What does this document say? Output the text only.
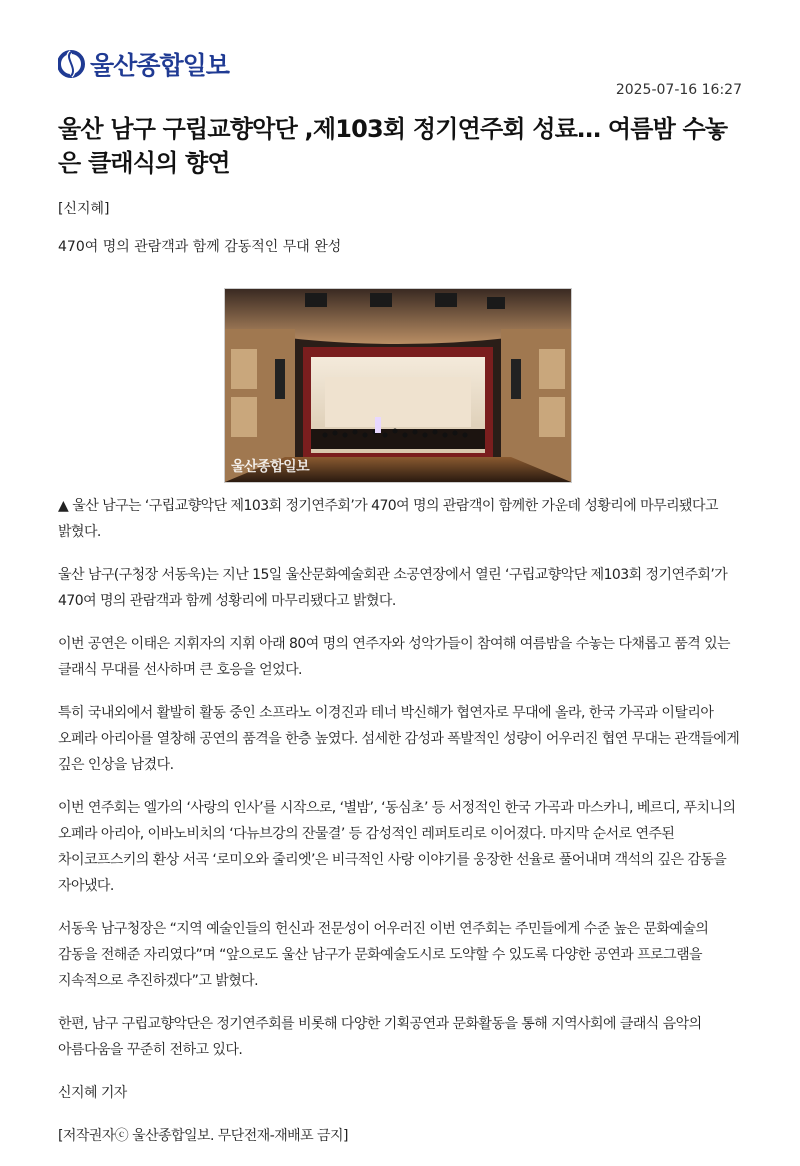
울산종합일보
2025-07-16 16:27
울산 남구 구립교향악단 ,제103회 정기연주회 성료… 여름밤 수놓은 클래식의 향연
[신지혜]
470여 명의 관람객과 함께 감동적인 무대 완성
울산종합일보

▲ 울산 남구는 ‘구립교향악단 제103회 정기연주회’가 470여 명의 관람객이 함께한 가운데 성황리에 마무리됐다고 밝혔다.

울산 남구(구청장 서동욱)는 지난 15일 울산문화예술회관 소공연장에서 열린 ‘구립교향악단 제103회 정기연주회’가 470여 명의 관람객과 함께 성황리에 마무리됐다고 밝혔다.

이번 공연은 이태은 지휘자의 지휘 아래 80여 명의 연주자와 성악가들이 참여해 여름밤을 수놓는 다채롭고 품격 있는 클래식 무대를 선사하며 큰 호응을 얻었다.

특히 국내외에서 활발히 활동 중인 소프라노 이경진과 테너 박신해가 협연자로 무대에 올라, 한국 가곡과 이탈리아 오페라 아리아를 열창해 공연의 품격을 한층 높였다. 섬세한 감성과 폭발적인 성량이 어우러진 협연 무대는 관객들에게 깊은 인상을 남겼다.

이번 연주회는 엘가의 ‘사랑의 인사’를 시작으로, ‘별밤’, ‘동심초’ 등 서정적인 한국 가곡과 마스카니, 베르디, 푸치니의 오페라 아리아, 이바노비치의 ‘다뉴브강의 잔물결’ 등 감성적인 레퍼토리로 이어졌다. 마지막 순서로 연주된 차이코프스키의 환상 서곡 ‘로미오와 줄리엣’은 비극적인 사랑 이야기를 웅장한 선율로 풀어내며 객석의 깊은 감동을 자아냈다.

서동욱 남구청장은 “지역 예술인들의 헌신과 전문성이 어우러진 이번 연주회는 주민들에게 수준 높은 문화예술의 감동을 전해준 자리였다”며 “앞으로도 울산 남구가 문화예술도시로 도약할 수 있도록 다양한 공연과 프로그램을 지속적으로 추진하겠다”고 밝혔다.

한편, 남구 구립교향악단은 정기연주회를 비롯해 다양한 기획공연과 문화활동을 통해 지역사회에 클래식 음악의 아름다움을 꾸준히 전하고 있다.

신지혜 기자

[저작권자ⓒ 울산종합일보. 무단전재-재배포 금지]
